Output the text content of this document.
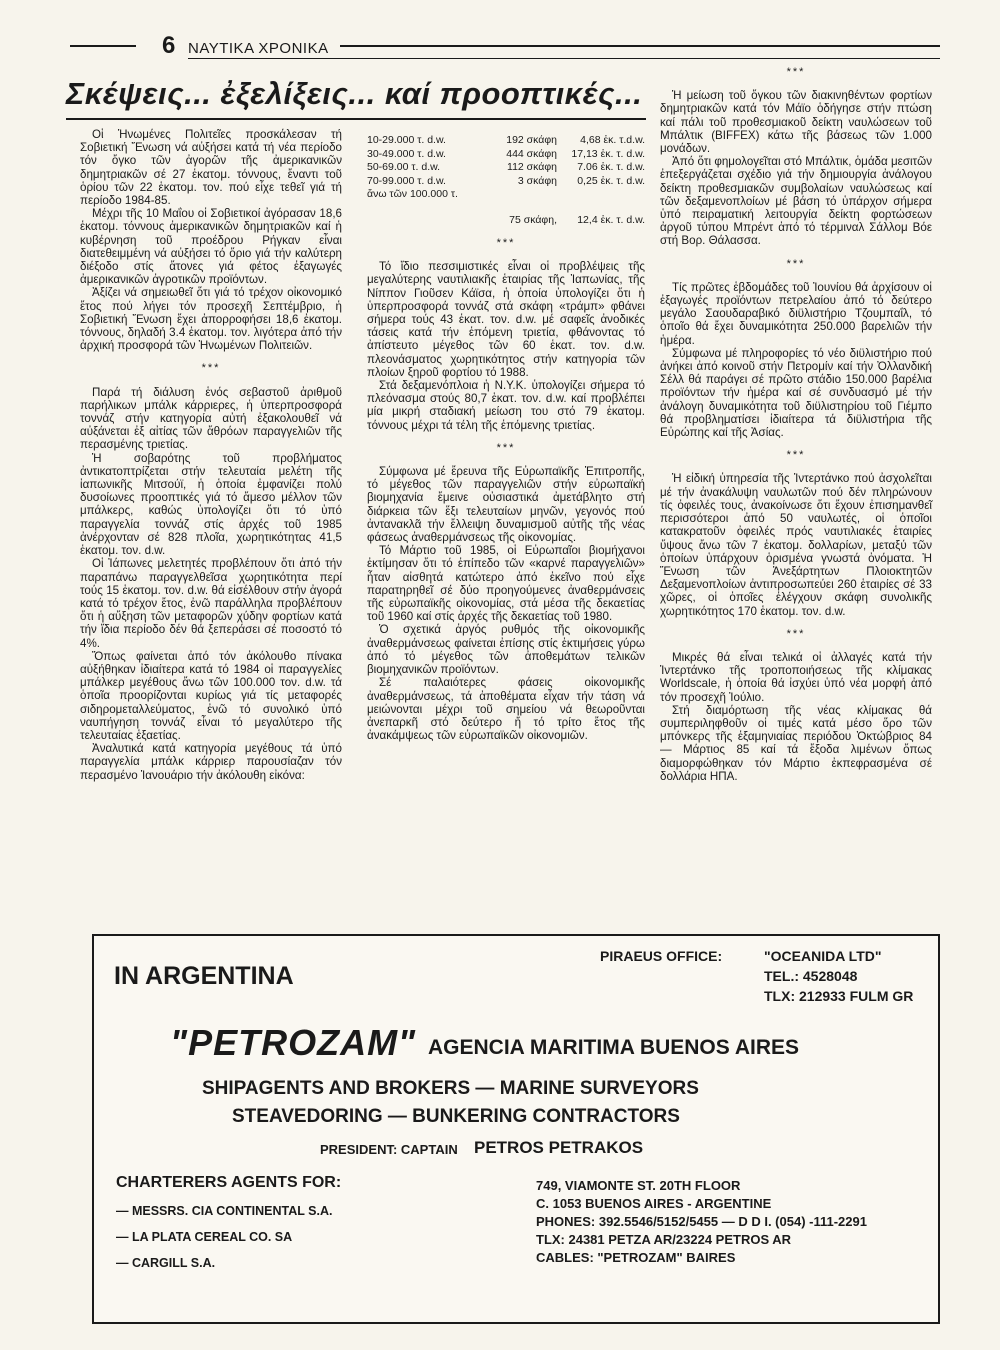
6 ΝΑΥΤΙΚΑ ΧΡΟΝΙΚΑ
Σκέψεις... ἐξελίξεις... καί προοπτικές...

Οἱ Ἡνωμένες Πολιτεῖες προσκάλεσαν τή Σοβιετική Ἕνωση νά αὐξήσει κατά τή νέα περίοδο τόν ὄγκο τῶν ἀγορῶν τῆς ἀμερικανικῶν δημητριακῶν σέ 27 ἑκατομ. τόννους, ἔναντι τοῦ ὁρίου τῶν 22 ἑκατομ. τον. πού εἶχε τεθεῖ γιά τή περίοδο 1984-85.

Μέχρι τῆς 10 Μαΐου οἱ Σοβιετικοί ἀγόρασαν 18,6 ἑκατομ. τόννους ἀμερικανικῶν δημητριακῶν καί ἡ κυβέρνηση τοῦ προέδρου Ρήγκαν εἶναι διατεθειμμένη νά αὐξήσει τό ὅριο γιά τήν καλύτερη διέξοδο στίς ἄτονες γιά φέτος ἐξαγωγές ἀμερικανικῶν ἀγροτικῶν προϊόντων.

Ἀξίζει νά σημειωθεῖ ὅτι γιά τό τρέχον οἰκονομικό ἔτος πού λήγει τόν προσεχῆ Σεπτέμβριο, ἡ Σοβιετική Ἕνωση ἔχει ἀπορροφήσει 18,6 ἑκατομ. τόννους, δηλαδή 3.4 ἑκατομ. τον. λιγότερα ἀπό τήν ἀρχική προσφορά τῶν Ἡνωμένων Πολιτειῶν.

***

Παρά τή διάλυση ἑνός σεβαστοῦ ἀριθμοῦ παρήλικων μπάλκ κάρριερες, ἡ ὑπερπροσφορά τοννάζ στήν κατηγορία αὐτή ἐξακολουθεῖ νά αὐξάνεται ἐξ αἰτίας τῶν ἄθρόων παραγγελιῶν τῆς περασμένης τριετίας.

Ἡ σοβαρότης τοῦ προβλήματος ἀντικατοπτρίζεται στήν τελευταία μελέτη τῆς ἰαπωνικῆς Μιτσούϊ, ἡ ὁποία ἐμφανίζει πολύ δυσοίωνες προοπτικές γιά τό ἄμεσο μέλλον τῶν μπάλκερς, καθώς ὑπολογίζει ὅτι τό ὑπό παραγγελία τοννάζ στίς ἀρχές τοῦ 1985 ἀνέρχονταν σέ 828 πλοῖα, χωρητικότητας 41,5 ἑκατομ. τον. d.w.

Οἱ Ἰάπωνες μελετητές προβλέπουν ὅτι ἀπό τήν παραπάνω παραγγελθεῖσα χωρητικότητα περί τούς 15 ἑκατομ. τον. d.w. θά εἰσέλθουν στήν ἀγορά κατά τό τρέχον ἔτος, ἐνῶ παράλληλα προβλέπουν ὅτι ἡ αὔξηση τῶν μεταφορῶν χύδην φορτίων κατά τήν ἴδια περίοδο δέν θά ξεπεράσει σέ ποσοστό τό 4%.

Ὅπως φαίνεται ἀπό τόν ἀκόλουθο πίνακα αὐξήθηκαν ἰδιαίτερα κατά τό 1984 οἱ παραγγελίες μπάλκερ μεγέθους ἄνω τῶν 100.000 τον. d.w. τά ὁποῖα προορίζονται κυρίως γιά τίς μεταφορές σιδηρομεταλλεύματος, ἐνῶ τό συνολικό ὑπό ναυπήγηση τοννάζ εἶναι τό μεγαλύτερο τῆς τελευταίας ἑξαετίας.

Ἀναλυτικά κατά κατηγορία μεγέθους τά ὑπό παραγγελία μπάλκ κάρριερ παρουσίαζαν τόν περασμένο Ἰανουάριο τήν ἀκόλουθη εἰκόνα:

10-29.000 τ. d.w.	192 σκάφη	4,68 ἑκ. τ.d.w.
30-49.000 τ. d.w.	444 σκάφη	17,13 ἑκ. τ. d.w.
50-69.00 τ. d.w.	112 σκάφη	7.06 ἑκ. τ. d.w.
70-99.000 τ. d.w.	3 σκάφη	0,25 ἑκ. τ. d.w.
ἄνω τῶν 100.000 τ.
75 σκάφη,	12,4 ἑκ. τ. d.w.
***

Τό ἴδιο πεσσιμιστικές εἶναι οἱ προβλέψεις τῆς μεγαλύτερης ναυτιλιακῆς ἑταιρίας τῆς Ἰαπωνίας, τῆς Νίππον Γιοῦσεν Κάϊσα, ἡ ὁποία ὑπολογίζει ὅτι ἡ ὑπερπροσφορά τοννάζ στά σκάφη «τράμπ» φθάνει σήμερα τούς 43 ἑκατ. τον. d.w. μέ σαφεῖς ἀνοδικές τάσεις κατά τήν ἑπόμενη τριετία, φθάνοντας τό ἀπίστευτο μέγεθος τῶν 60 ἑκατ. τον. d.w. πλεονάσματος χωρητικότητος στήν κατηγορία τῶν πλοίων ξηροῦ φορτίου τό 1988.

Στά δεξαμενόπλοια ἡ Ν.Υ.Κ. ὑπολογίζει σήμερα τό πλεόνασμα στούς 80,7 ἑκατ. τον. d.w. καί προβλέπει μία μικρή σταδιακή μείωση του στό 79 ἑκατομ. τόννους μέχρι τά τέλη τῆς ἑπόμενης τριετίας.

***

Σύμφωνα μέ ἔρευνα τῆς Εὐρωπαϊκῆς Ἐπιτροπῆς, τό μέγεθος τῶν παραγγελιῶν στήν εὐρωπαϊκή βιομηχανία ἔμεινε οὐσιαστικά ἀμετάβλητο στή διάρκεια τῶν ἕξι τελευταίων μηνῶν, γεγονός πού ἀντανακλᾶ τήν ἔλλειψη δυναμισμοῦ αὐτῆς τῆς νέας φάσεως ἀναθερμάνσεως τῆς οἰκονομίας.

Τό Μάρτιο τοῦ 1985, οἱ Εὐρωπαῖοι βιομήχανοι ἐκτίμησαν ὅτι τό ἐπίπεδο τῶν «καρνέ παραγγελιῶν» ἦταν αἰσθητά κατώτερο ἀπό ἐκεῖνο πού εἶχε παρατηρηθεῖ σέ δύο προηγούμενες ἀναθερμάνσεις τῆς εὐρωπαϊκῆς οἰκονομίας, στά μέσα τῆς δεκαετίας τοῦ 1960 καί στίς ἀρχές τῆς δεκαετίας τοῦ 1980.

Ὁ σχετικά ἀργός ρυθμός τῆς οἰκονομικῆς ἀναθερμάνσεως φαίνεται ἐπίσης στίς ἐκτιμήσεις γύρω ἀπό τό μέγεθος τῶν ἀποθεμάτων τελικῶν βιομηχανικῶν προϊόντων.

Σέ παλαιότερες φάσεις οἰκονομικῆς ἀναθερμάνσεως, τά ἀποθέματα εἶχαν τήν τάση νά μειώνονται μέχρι τοῦ σημείου νά θεωροῦνται ἀνεπαρκῆ στό δεύτερο ἤ τό τρίτο ἔτος τῆς ἀνακάμψεως τῶν εὐρωπαϊκῶν οἰκονομιῶν.

***

Ἡ μείωση τοῦ ὄγκου τῶν διακινηθέντων φορτίων δημητριακῶν κατά τόν Μάϊο ὁδήγησε στήν πτώση καί πάλι τοῦ προθεσμιακοῦ δείκτη ναυλώσεων τοῦ Μπάλτικ (BIFFEX) κάτω τῆς βάσεως τῶν 1.000 μονάδων.

Ἀπό ὅτι φημολογεῖται στό Μπάλτικ, ὁμάδα μεσιτῶν ἐπεξεργάζεται σχέδιο γιά τήν δημιουργία ἀνάλογου δείκτη προθεσμιακῶν συμβολαίων ναυλώσεως καί τῶν δεξαμενοπλοίων μέ βάση τό ὑπάρχον σήμερα ὑπό πειραματική λειτουργία δείκτη φορτώσεων ἀργοῦ τύπου Μπρέντ ἀπό τό τέρμιναλ Σάλλομ Βόε στή Βορ. Θάλασσα.

***

Τίς πρῶτες ἑβδομάδες τοῦ Ἰουνίου θά ἀρχίσουν οἱ ἐξαγωγές προϊόντων πετρελαίου ἀπό τό δεύτερο μεγάλο Σαουδαραβικό διϋλιστήριο Τζουμπαΐλ, τό ὁποῖο θά ἔχει δυναμικότητα 250.000 βαρελιῶν τήν ἡμέρα.

Σύμφωνα μέ πληροφορίες τό νέο διϋλιστήριο πού ἀνήκει ἀπό κοινοῦ στήν Πετρομίν καί τήν Ὀλλανδική Σέλλ θά παράγει σέ πρῶτο στάδιο 150.000 βαρέλια προϊόντων τήν ἡμέρα καί σέ συνδυασμό μέ τήν ἀνάλογη δυναμικότητα τοῦ διϋλιστηρίου τοῦ Γιέμπο θά προβληματίσει ἰδιαίτερα τά διϋλιστήρια τῆς Εὐρώπης καί τῆς Ἀσίας.

***

Ἡ εἰδική ὑπηρεσία τῆς Ἰντερτάνκο πού ἀσχολεῖται μέ τήν ἀνακάλυψη ναυλωτῶν πού δέν πληρώνουν τίς ὀφειλές τους, ἀνακοίνωσε ὅτι ἔχουν ἐπισημανθεῖ περισσότεροι ἀπό 50 ναυλωτές, οἱ ὁποῖοι κατακρατοῦν ὀφειλές πρός ναυτιλιακές ἑταιρίες ὕψους ἄνω τῶν 7 ἑκατομ. δολλαρίων, μεταξύ τῶν ὁποίων ὑπάρχουν ὁρισμένα γνωστά ὀνόματα. Ἡ Ἕνωση τῶν Ἀνεξάρτητων Πλοιοκτητῶν Δεξαμενοπλοίων ἀντιπροσωπεύει 260 ἑταιρίες σέ 33 χῶρες, οἱ ὁποῖες ἐλέγχουν σκάφη συνολικῆς χωρητικότητος 170 ἑκατομ. τον. d.w.

***

Μικρές θά εἶναι τελικά οἱ ἀλλαγές κατά τήν Ἰντερτάνκο τῆς τροποποιήσεως τῆς κλίμακας Worldscale, ἡ ὁποία θά ἰσχύει ὑπό νέα μορφή ἀπό τόν προσεχῆ Ἰούλιο.

Στή διαμόρτωση τῆς νέας κλίμακας θά συμπεριληφθοῦν οἱ τιμές κατά μέσο ὅρο τῶν μπόνκερς τῆς ἑξαμηνιαίας περιόδου Ὀκτώβριος 84 — Μάρτιος 85 καί τά ἔξοδα λιμένων ὅπως διαμορφώθηκαν τόν Μάρτιο ἐκπεφρασμένα σέ δολλάρια ΗΠΑ.

IN ARGENTINA
PIRAEUS OFFICE:	"OCEANIDA LTD"
TEL.: 4528048
TLX: 212933 FULM GR
"PETROZAM" AGENCIA MARITIMA BUENOS AIRES
SHIPAGENTS AND BROKERS — MARINE SURVEYORS
STEAVEDORING — BUNKERING CONTRACTORS
PRESIDENT: CAPTAIN PETROS PETRAKOS
CHARTERERS AGENTS FOR:
— MESSRS. CIA CONTINENTAL S.A.
— LA PLATA CEREAL CO. SA
— CARGILL S.A.
749, VIAMONTE ST. 20TH FLOOR
C. 1053 BUENOS AIRES - ARGENTINE
PHONES: 392.5546/5152/5455 — D D I. (054) -111-2291
TLX: 24381 PETZA AR/23224 PETROS AR
CABLES: "PETROZAM" BAIRES
